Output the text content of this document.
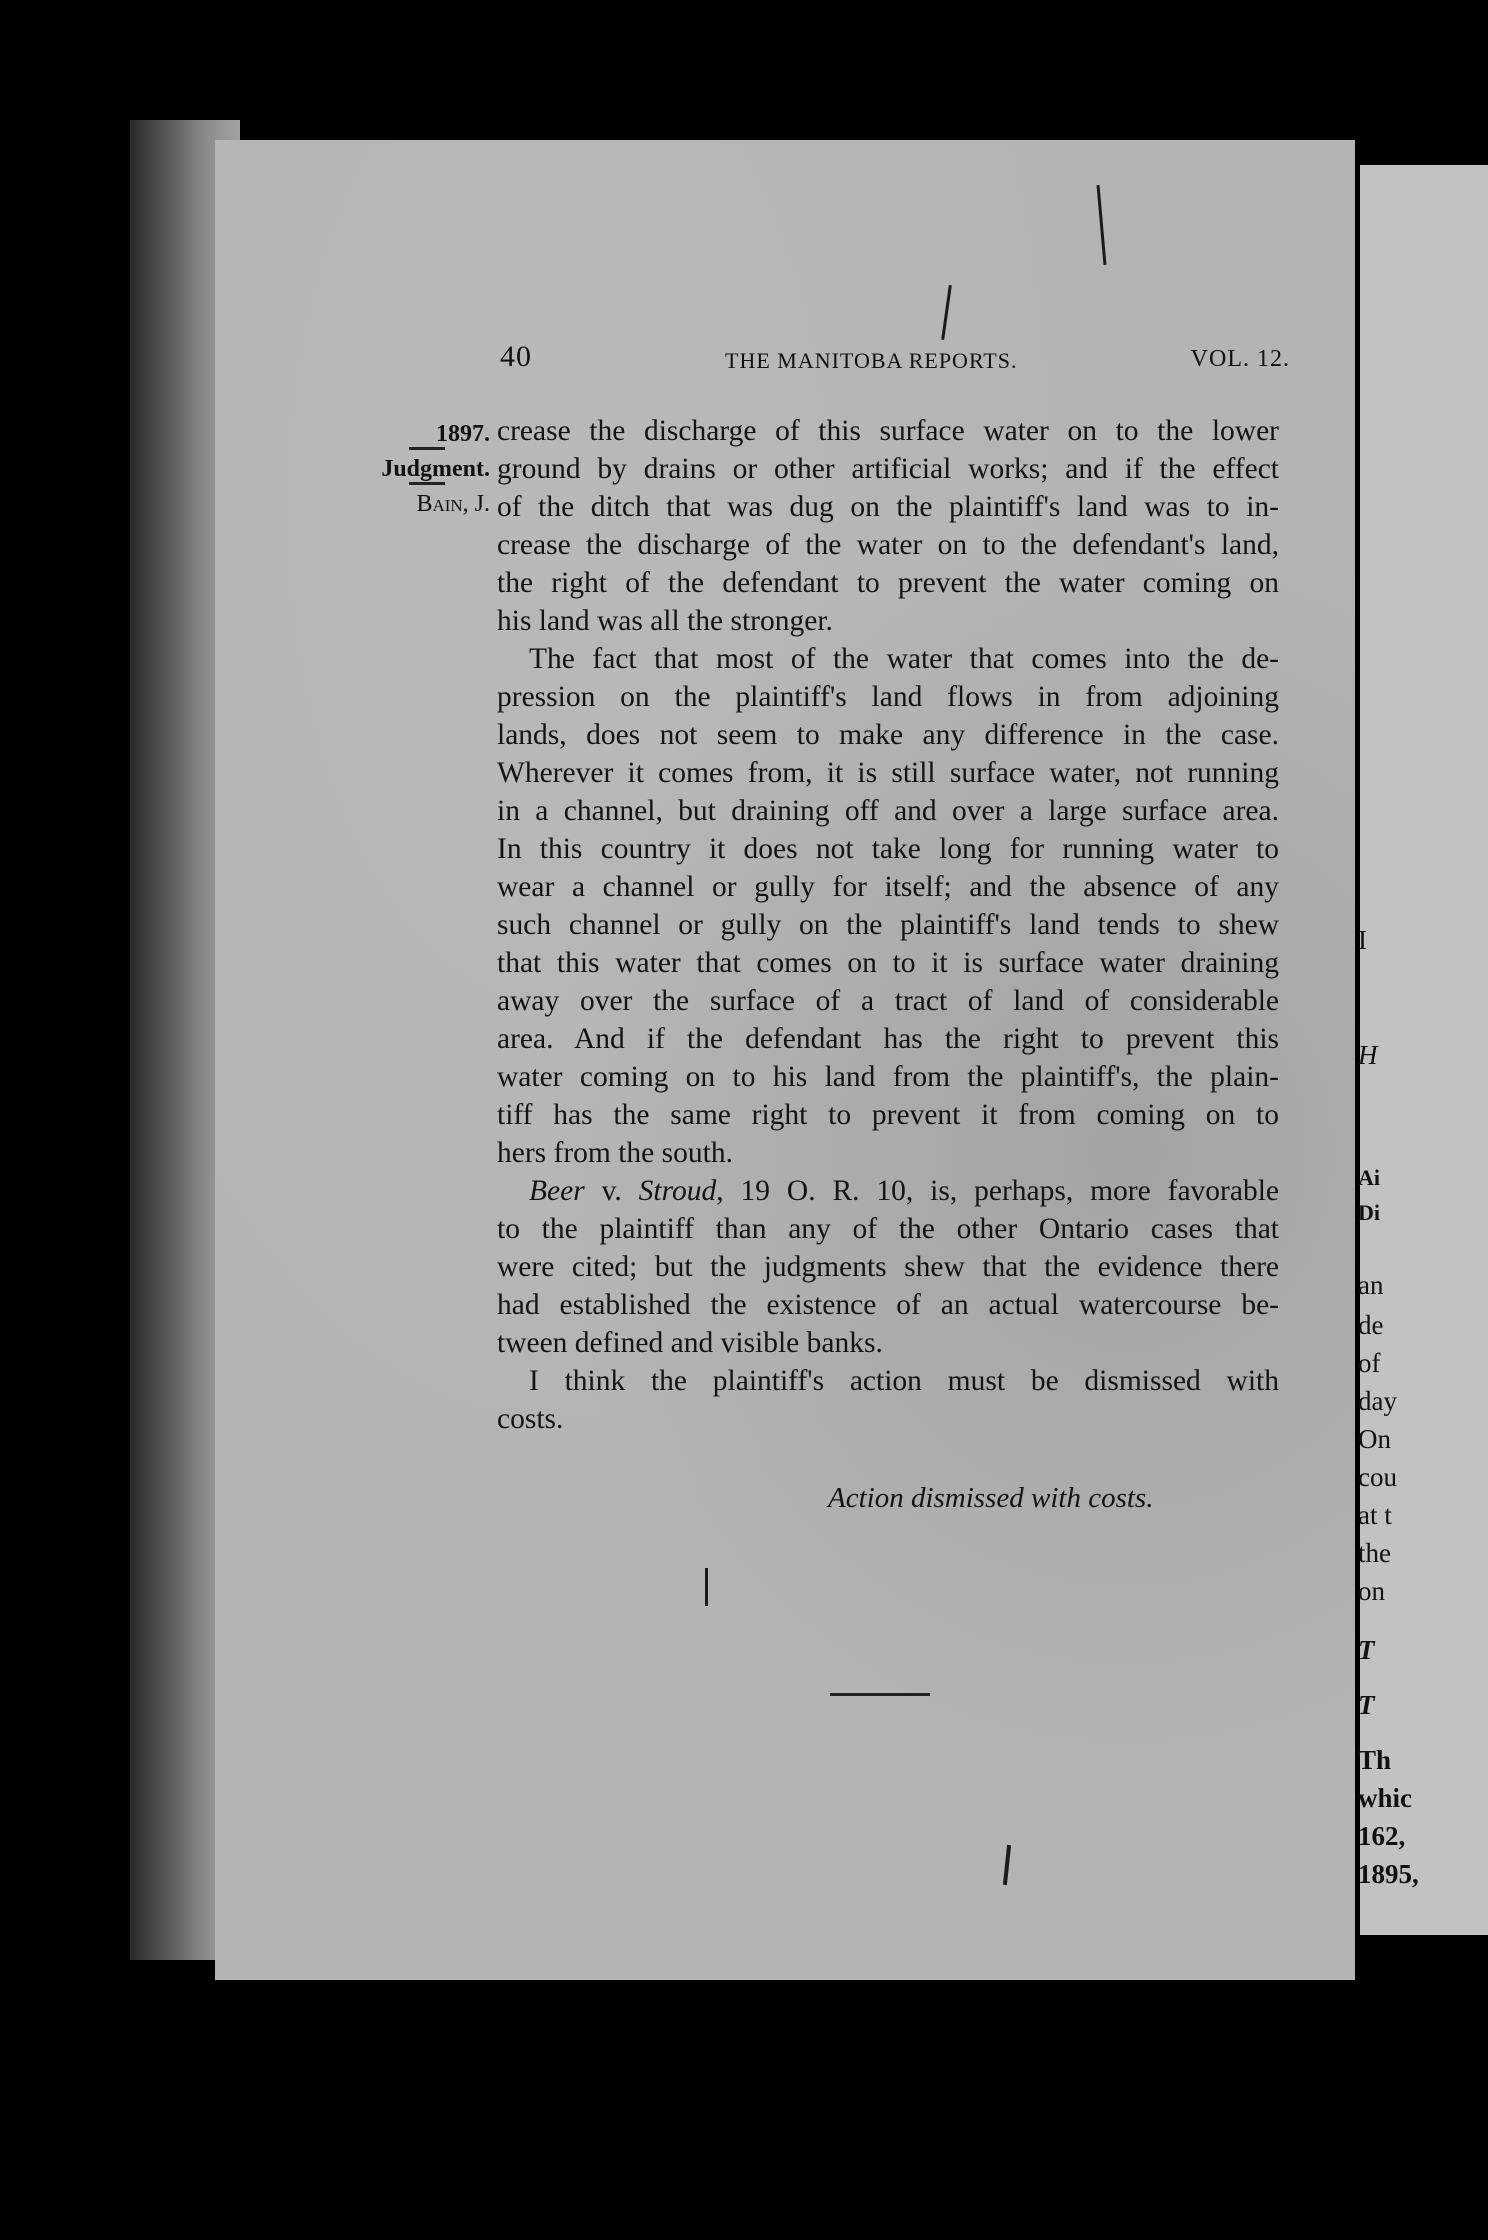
I
H
Ai
Di
an
de
of
day
On
cou
at t
the
on
T
T
Th
whic
162,
1895,
40	THE MANITOBA REPORTS.	VOL. 12.
1897.
Judgment.
Bain, J.
crease the discharge of this surface water on to the lower
ground by drains or other artificial works; and if the effect
of the ditch that was dug on the plaintiff's land was to in-
crease the discharge of the water on to the defendant's land,
the right of the defendant to prevent the water coming on
his land was all the stronger.
The fact that most of the water that comes into the de-
pression on the plaintiff's land flows in from adjoining
lands, does not seem to make any difference in the case.
Wherever it comes from, it is still surface water, not running
in a channel, but draining off and over a large surface area.
In this country it does not take long for running water to
wear a channel or gully for itself; and the absence of any
such channel or gully on the plaintiff's land tends to shew
that this water that comes on to it is surface water draining
away over the surface of a tract of land of considerable
area. And if the defendant has the right to prevent this
water coming on to his land from the plaintiff's, the plain-
tiff has the same right to prevent it from coming on to
hers from the south.
Beer v. Stroud, 19 O. R. 10, is, perhaps, more favorable
to the plaintiff than any of the other Ontario cases that
were cited; but the judgments shew that the evidence there
had established the existence of an actual watercourse be-
tween defined and visible banks.
I think the plaintiff's action must be dismissed with
costs.
Action dismissed with costs.
